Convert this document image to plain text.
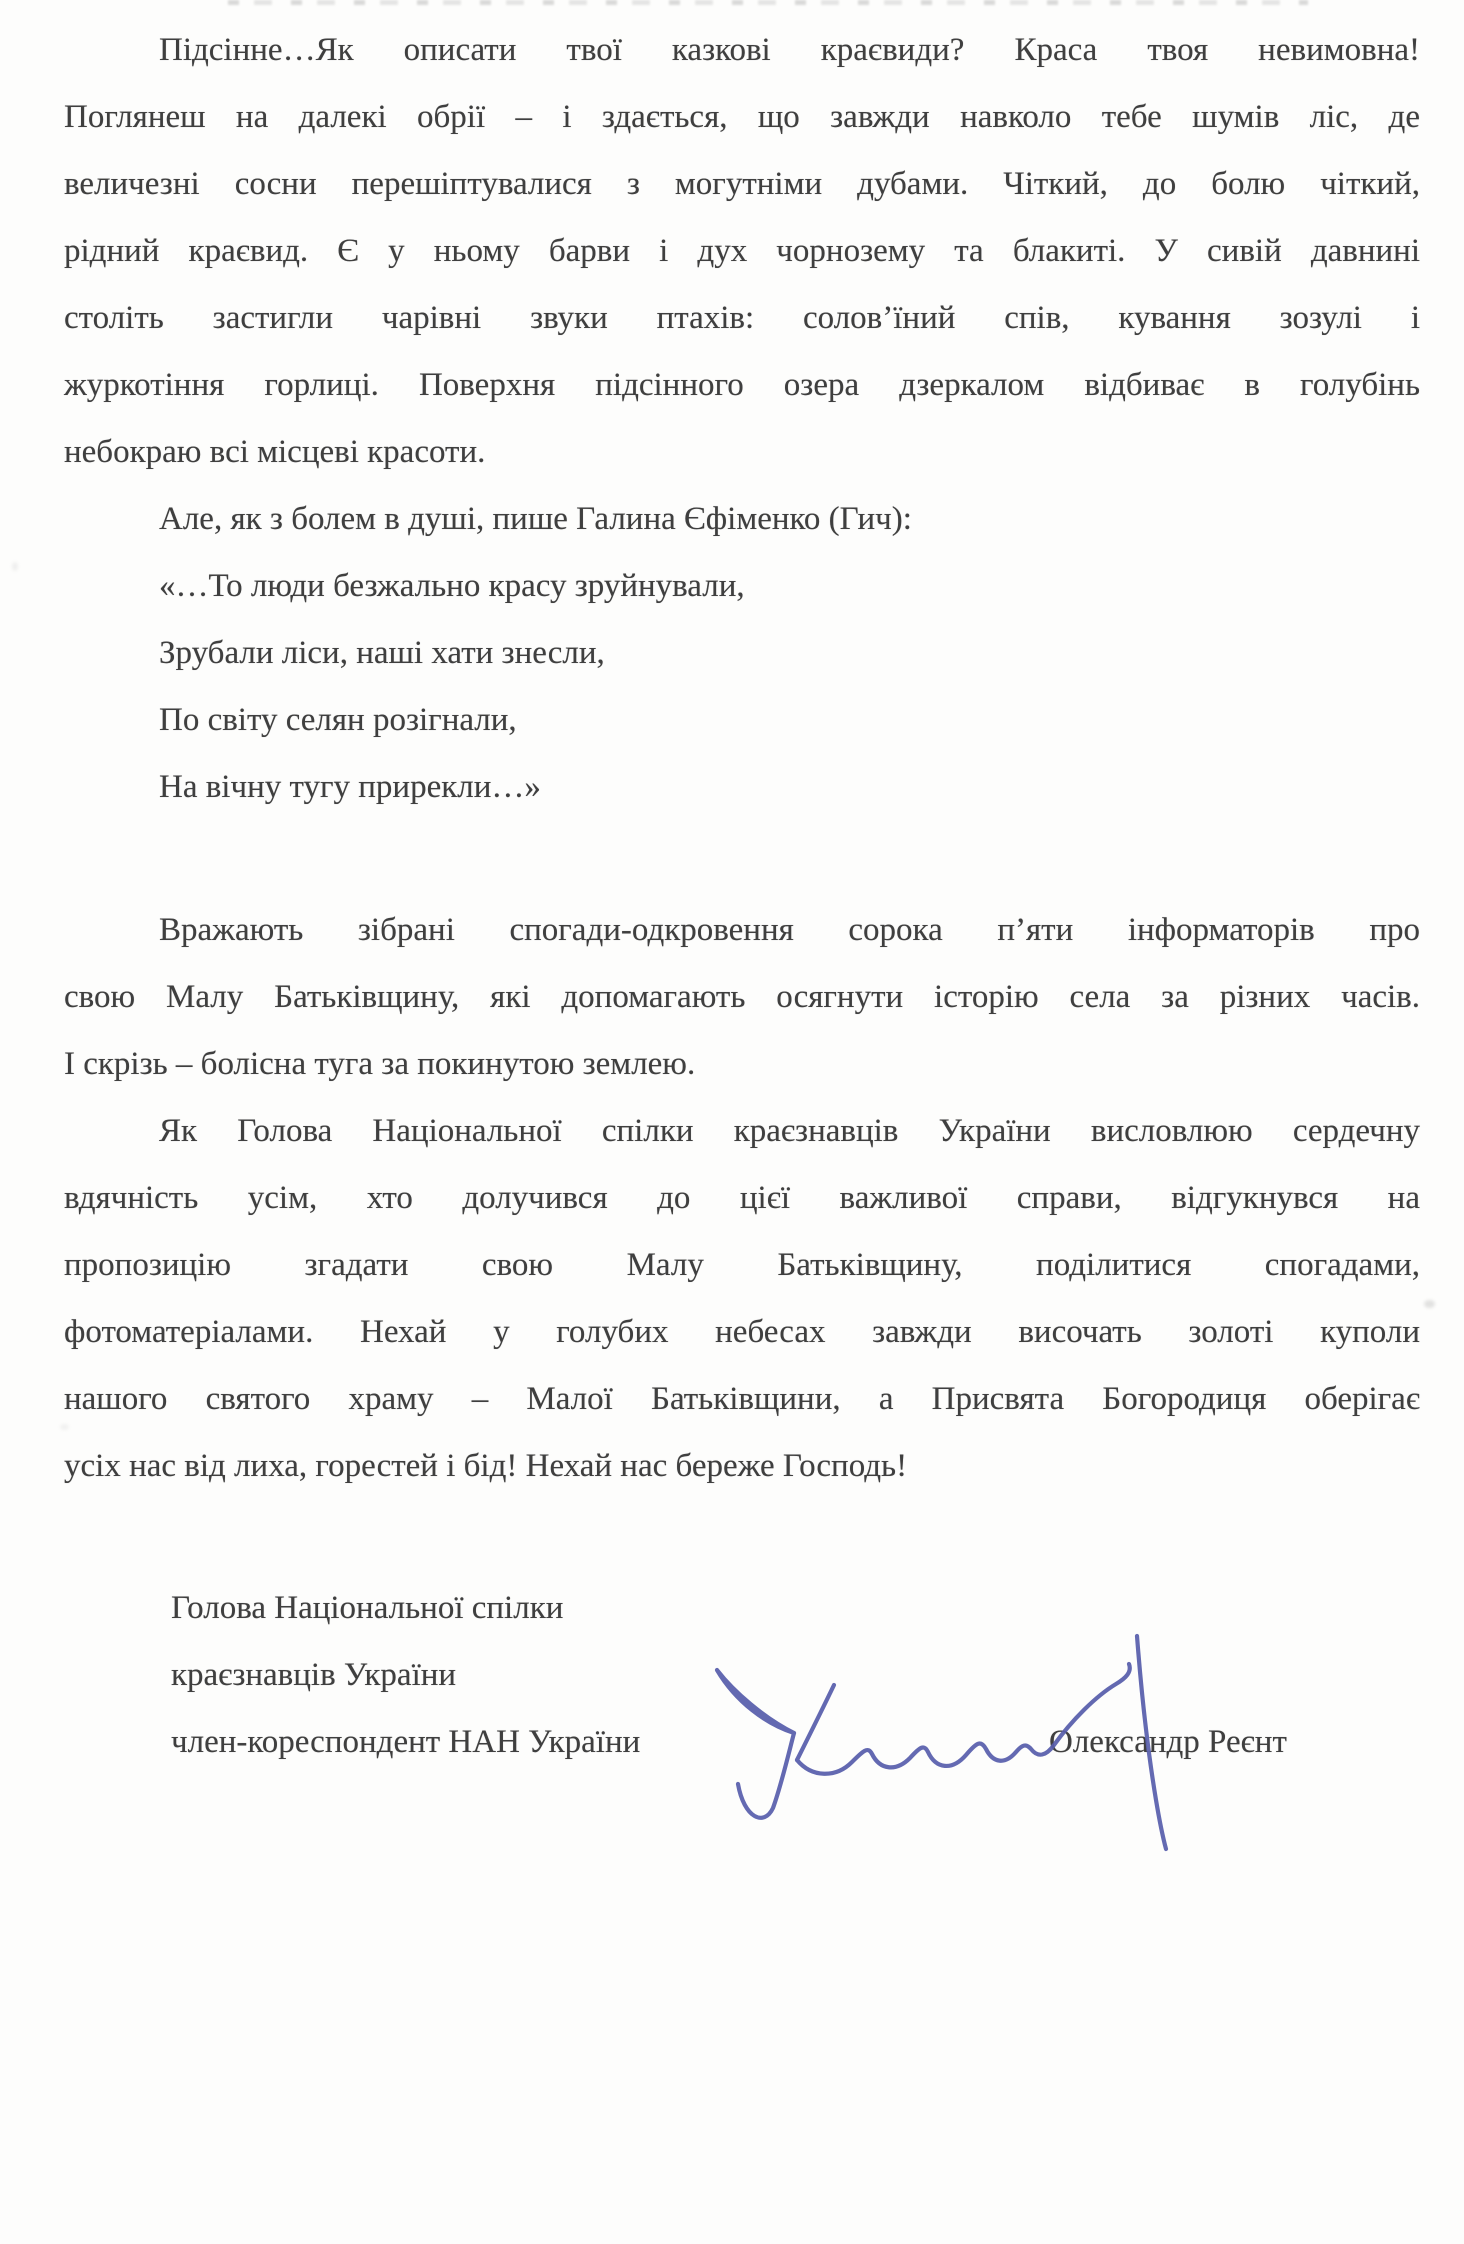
Підсінне…Як описати твої казкові краєвиди? Краса твоя невимовна!
Поглянеш на далекі обрії – і здається, що завжди навколо тебе шумів ліс, де
величезні сосни перешіптувалися з могутніми дубами. Чіткий, до болю чіткий,
рідний краєвид. Є у ньому барви і дух чорнозему та блакиті. У сивій давнині
століть застигли чарівні звуки птахів: солов’їний спів, кування зозулі і
журкотіння горлиці. Поверхня підсінного озера дзеркалом відбиває в голубінь
небокраю всі місцеві красоти.
Але, як з болем в душі, пише Галина Єфіменко (Гич):
«…То люди безжально красу зруйнували,
Зрубали ліси, наші хати знесли,
По світу селян розігнали,
На вічну тугу прирекли…»
Вражають зібрані спогади-одкровення сорока п’яти інформаторів про
свою Малу Батьківщину, які допомагають осягнути історію села за різних часів.
І скрізь – болісна туга за покинутою землею.
Як Голова Національної спілки краєзнавців України висловлюю сердечну
вдячність усім, хто долучився до цієї важливої справи, відгукнувся на
пропозицію згадати свою Малу Батьківщину, поділитися спогадами,
фотоматеріалами. Нехай у голубих небесах завжди височать золоті куполи
нашого святого храму – Малої Батьківщини, а Присвята Богородиця оберігає
усіх нас від лиха, горестей і бід! Нехай нас береже Господь!
Голова Національної спілки
краєзнавців України
член-кореспондент НАН України	Олександр Реєнт
